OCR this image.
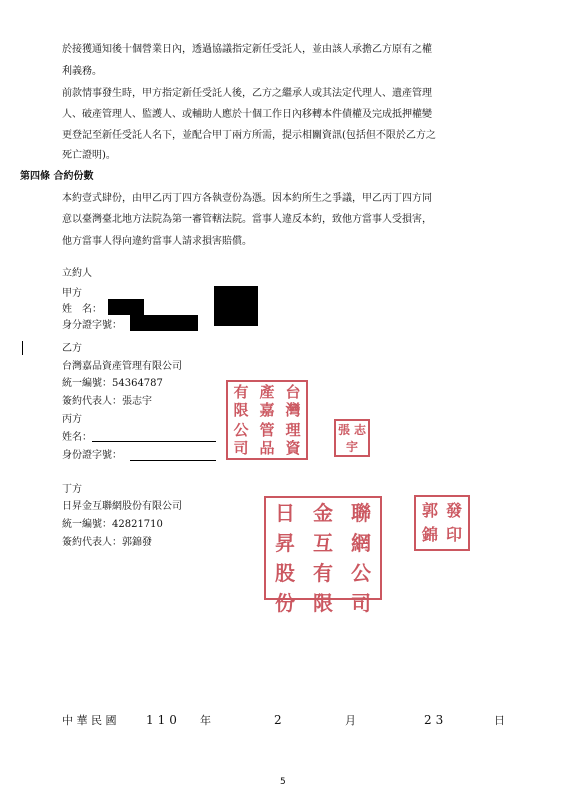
於接獲通知後十個營業日內，透過協議指定新任受託人，並由該人承擔乙方原有之權
利義務。
前款情事發生時，甲方指定新任受託人後，乙方之繼承人或其法定代理人、遺產管理
人、破產管理人、監護人、或輔助人應於十個工作日內移轉本件債權及完成抵押權變
更登記至新任受託人名下，並配合甲丁兩方所需，提示相關資訊(包括但不限於乙方之
死亡證明)。
第四條 合約份數
本約壹式肆份，由甲乙丙丁四方各執壹份為憑。因本約所生之爭議，甲乙丙丁四方同
意以臺灣臺北地方法院為第一審管轄法院。當事人違反本約，致他方當事人受損害，
他方當事人得向違約當事人請求損害賠償。
立約人
甲方
姓　名：
身分證字號：
乙方
台灣嘉品資產管理有限公司
統一編號：54364787
簽約代表人：張志宇
丙方
姓名：
身份證字號：
丁方
日昇金互聯網股份有限公司
統一編號：42821710
簽約代表人：郭錦發
有限
產嘉
台灣
公司
管品
理資
張 志
宇
日昇
金互
聯網
股份
有限
公司
郭錦
發印
中 華 民 國 110 年	2	月	23	日
5
